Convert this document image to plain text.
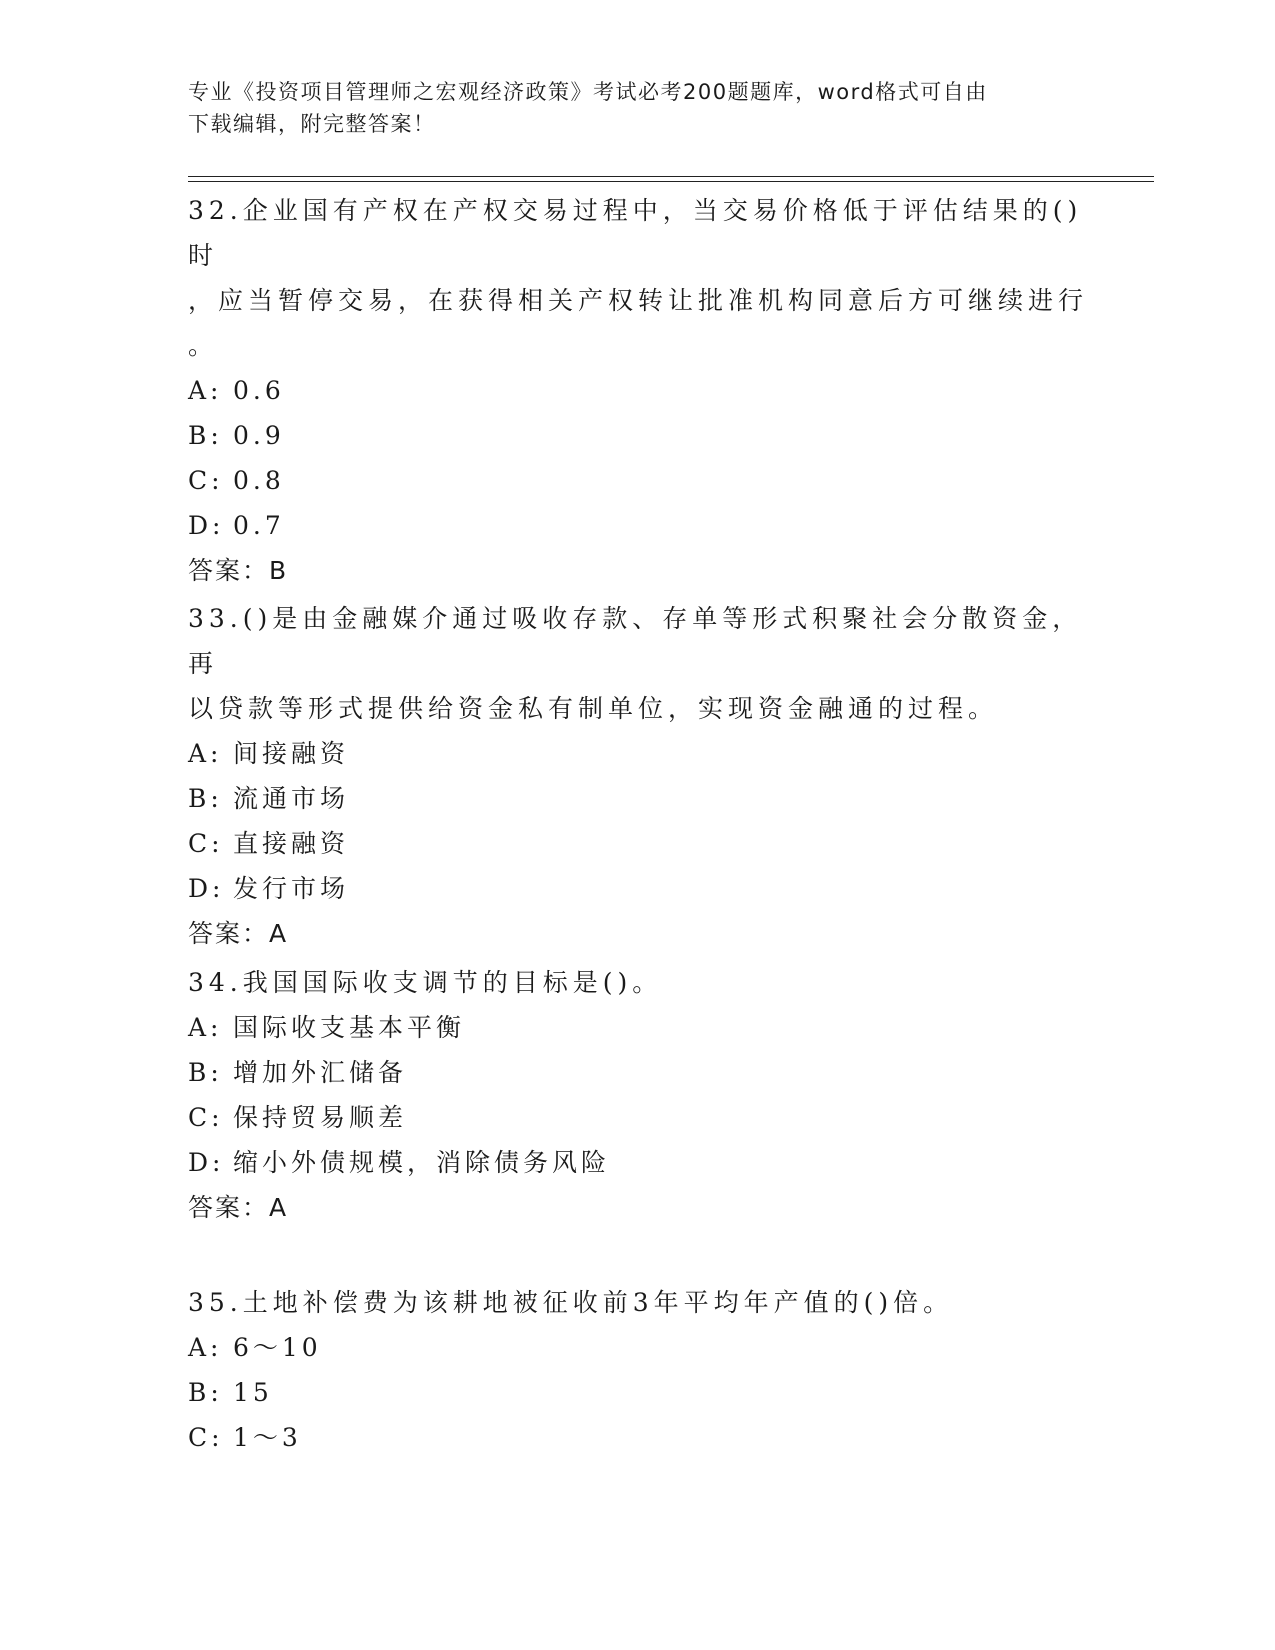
专业《投资项目管理师之宏观经济政策》考试必考200题题库，word格式可自由
下载编辑，附完整答案！

32.企业国有产权在产权交易过程中，当交易价格低于评估结果的()时

，应当暂停交易，在获得相关产权转让批准机构同意后方可继续进行

。

A: 0.6

B: 0.9

C: 0.8

D: 0.7

答案：B

33.()是由金融媒介通过吸收存款、存单等形式积聚社会分散资金，再

以贷款等形式提供给资金私有制单位，实现资金融通的过程。

A: 间接融资

B: 流通市场

C: 直接融资

D: 发行市场

答案：A

34.我国国际收支调节的目标是()。

A: 国际收支基本平衡

B: 增加外汇储备

C: 保持贸易顺差

D: 缩小外债规模，消除债务风险

答案：A

35.土地补偿费为该耕地被征收前3年平均年产值的()倍。

A: 6～10

B: 15

C: 1～3
